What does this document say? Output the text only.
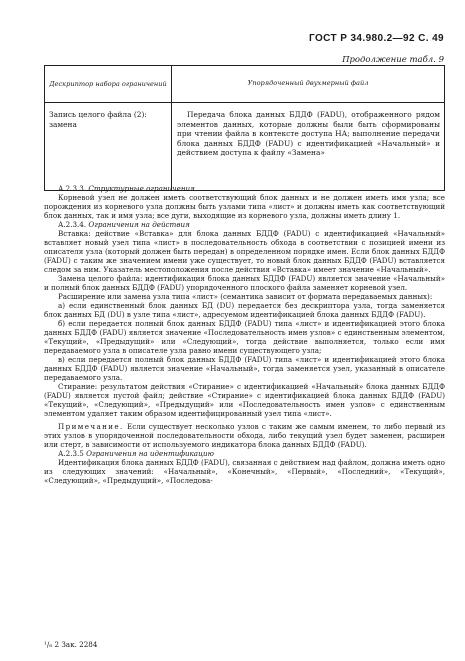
ГОСТ Р 34.980.2—92 С. 49
Продолжение табл. 9
Дескриптор набора ограничений	Упорядоченный двухмерный файл
Запись целого файла (2): замена	Передача блока данных БДДФ (FADU), отображенного рядом элементов данных, которые должны были быть сформированы при чтении файла в контексте доступа НА; выполнение передачи блока данных БДДФ (FADU) с идентификацией «Начальный» и действием доступа к файлу «Замена»

А.2.3.3. Структурные ограничения

Корневой узел не должен иметь соответствующий блок данных и не должен иметь имя узла; все порождения из корневого узла должны быть узлами типа «лист» и должны иметь как соответствующий блок данных, так и имя узла; все дуги, выходящие из корневого узла, должны иметь длину 1.

А.2.3.4. Ограничения на действия

Вставка: действие «Вставка» для блока данных БДДФ (FADU) с идентификацией «Начальный» вставляет новый узел типа «лист» в последовательность обхода в соответствии с позицией имени из описателя узла (который должен быть передан) в определенном порядке имен. Если блок данных БДДФ (FADU) с таким же значением имени уже существует, то новый блок данных БДДФ (FADU) вставляется следом за ним. Указатель местоположения после действия «Вставка» имеет значение «Начальный».

Замена целого файла: идентификация блока данных БДДФ (FADU) является значение «Начальный» и полный блок данных БДДФ (FADU) упорядоченного плоского файла заменяет корневой узел.

Расширение или замена узла типа «лист» (семантика зависит от формата передаваемых данных):

а) если единственный блок данных БД (DU) передается без дескриптора узла, тогда заменяется блок данных БД (DU) в узле типа «лист», адресуемом идентификацией блока данных БДДФ (FADU).

б) если передается полный блок данных БДДФ (FADU) типа «лист» и идентификацией этого блока данных БДДФ (FADU) является значение «Последовательность имен узлов» с единственным элементом, «Текущий», «Предыдущий» или «Следующий», тогда действие выполняется, только если имя передаваемого узла в описателе узла равно имени существующего узла;

в) если передается полный блок данных БДДФ (FADU) типа «лист» и идентификацией этого блока данных БДДФ (FADU) является значение «Начальный», тогда заменяется узел, указанный в описателе передаваемого узла.

Стирание: результатом действия «Стирание» с идентификацией «Начальный» блока данных БДДФ (FADU) является пустой файл; действие «Стирание» с идентификацией блока данных БДДФ (FADU) «Текущий», «Следующий», «Предыдущий» или «Последовательность имен узлов» с единственным элементом удаляет таким образом идентифицированный узел типа «лист».

Примечание. Если существует несколько узлов с таким же самым именем, то либо первый из этих узлов в упорядоченной последовательности обхода, либо текущий узел будет заменен, расширен или стерт, в зависимости от используемого индикатора блока данных БДДФ (FADU).

А.2.3.5 Ограничения на идентификацию

Идентификация блока данных БДДФ (FADU), связанная с действием над файлом, должна иметь одно из следующих значений: «Начальный», «Конечный», «Первый», «Последний», «Текущий», «Следующий», «Предыдущий», «Последова-

¹/₈ 2 Зак. 2284
